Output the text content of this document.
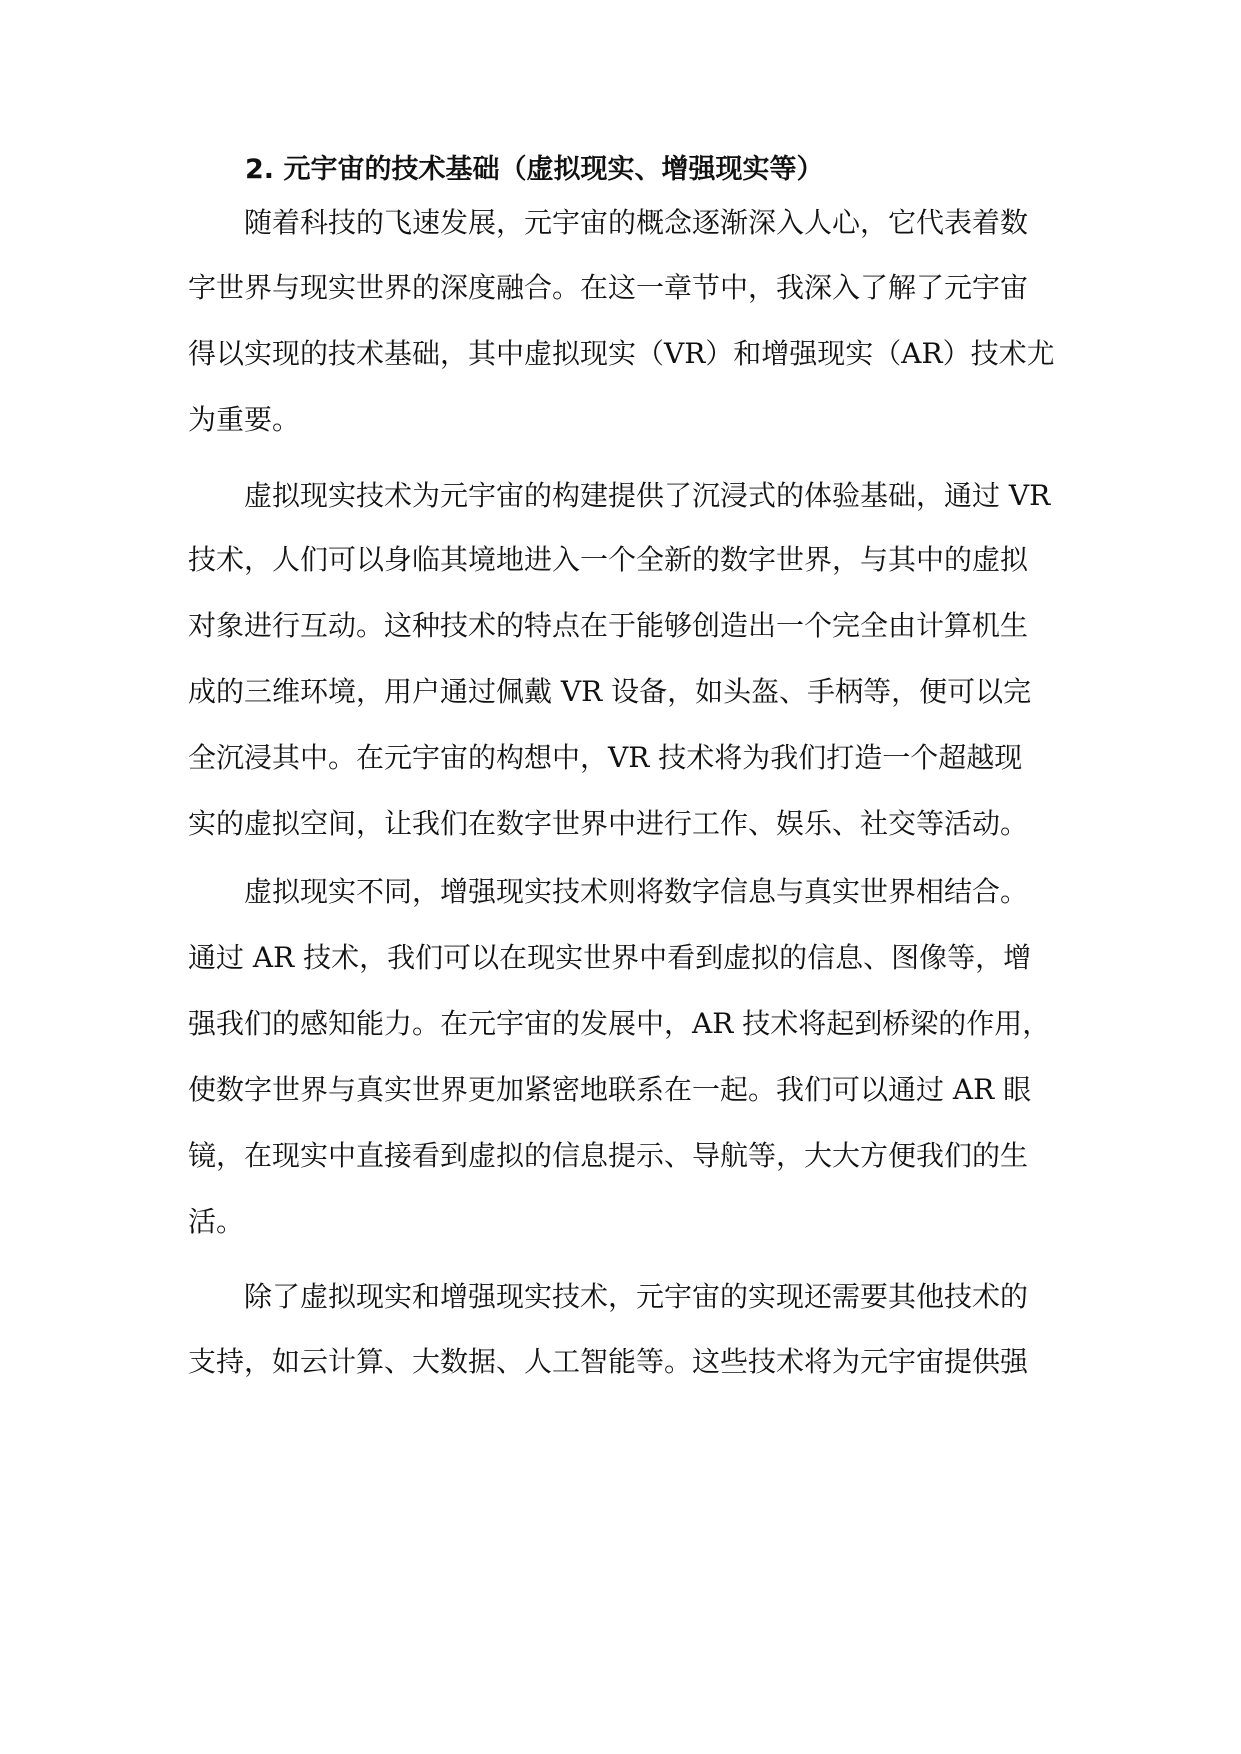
2. 元宇宙的技术基础（虚拟现实、增强现实等）
随着科技的飞速发展，元宇宙的概念逐渐深入人心，它代表着数
字世界与现实世界的深度融合。在这一章节中，我深入了解了元宇宙
得以实现的技术基础，其中虚拟现实（VR）和增强现实（AR）技术尤
为重要。
虚拟现实技术为元宇宙的构建提供了沉浸式的体验基础，通过 VR
技术，人们可以身临其境地进入一个全新的数字世界，与其中的虚拟
对象进行互动。这种技术的特点在于能够创造出一个完全由计算机生
成的三维环境，用户通过佩戴 VR 设备，如头盔、手柄等，便可以完
全沉浸其中。在元宇宙的构想中，VR 技术将为我们打造一个超越现
实的虚拟空间，让我们在数字世界中进行工作、娱乐、社交等活动。
虚拟现实不同，增强现实技术则将数字信息与真实世界相结合。
通过 AR 技术，我们可以在现实世界中看到虚拟的信息、图像等，增
强我们的感知能力。在元宇宙的发展中，AR 技术将起到桥梁的作用，
使数字世界与真实世界更加紧密地联系在一起。我们可以通过 AR 眼
镜，在现实中直接看到虚拟的信息提示、导航等，大大方便我们的生
活。
除了虚拟现实和增强现实技术，元宇宙的实现还需要其他技术的
支持，如云计算、大数据、人工智能等。这些技术将为元宇宙提供强
